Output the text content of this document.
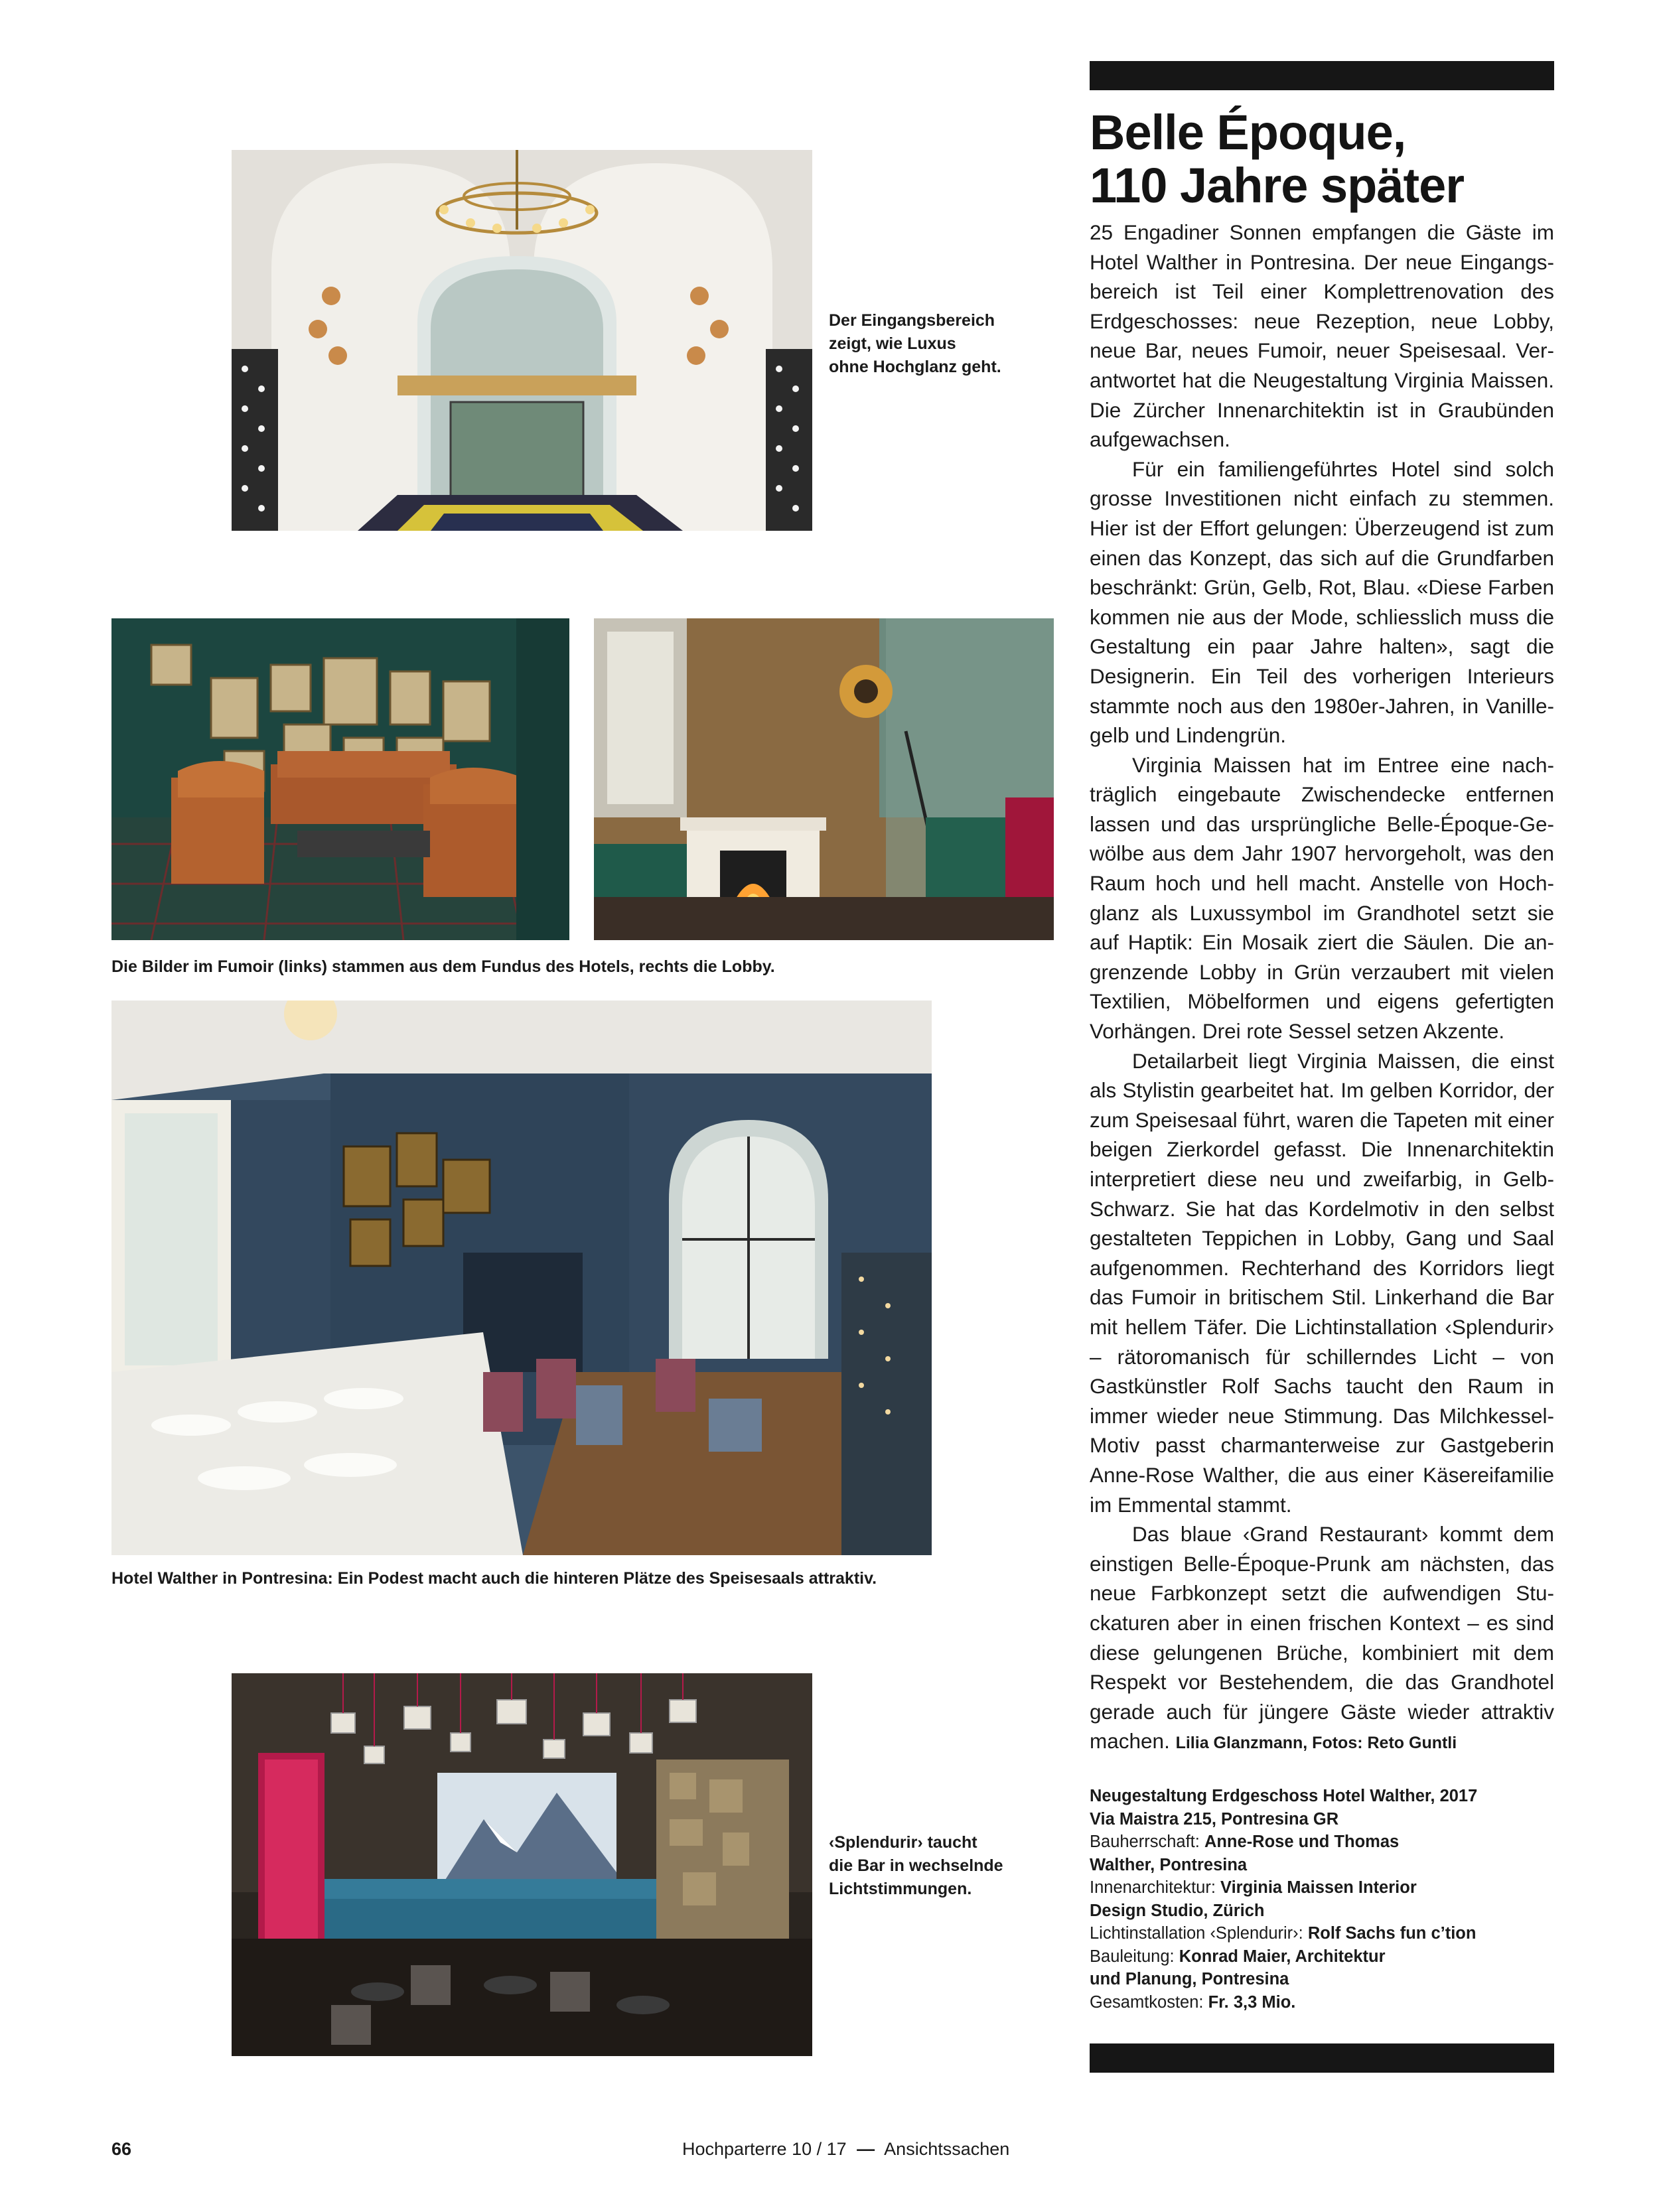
Der Eingangsbereich
zeigt, wie Luxus
ohne Hochglanz geht.
Die Bilder im Fumoir (links) stammen aus dem Fundus des Hotels, rechts die Lobby.
Hotel Walther in Pontresina: Ein Podest macht auch die hinteren Plätze des Speisesaals attraktiv.
‹Splendurir› taucht
die Bar in wechselnde
Lichtstimmungen.
Belle Époque,
110 Jahre später

25 Engadiner Sonnen empfangen die Gäste im Hotel Walther in Pontresina. Der neue Eingangsbereich ist Teil einer Komplettrenovation des Erdgeschosses: neue Rezeption, neue Lobby, neue Bar, neues Fumoir, neuer Speisesaal. Verantwortet hat die Neugestaltung Virginia Maissen. Die Zürcher Innenarchitektin ist in Graubünden aufgewachsen.

Für ein familiengeführtes Hotel sind solch grosse Investitionen nicht einfach zu stemmen. Hier ist der Effort gelungen: Überzeugend ist zum einen das Konzept, das sich auf die Grundfarben beschränkt: Grün, Gelb, Rot, Blau. «Diese Farben kommen nie aus der Mode, schliesslich muss die Gestaltung ein paar Jahre halten», sagt die Designerin. Ein Teil des vorherigen Interieurs stammte noch aus den 1980er-Jahren, in Vanillegelb und Lindengrün.

Virginia Maissen hat im Entree eine nachträglich eingebaute Zwischendecke entfernen lassen und das ursprüngliche Belle-Époque-Gewölbe aus dem Jahr 1907 hervorgeholt, was den Raum hoch und hell macht. Anstelle von Hochglanz als Luxussymbol im Grandhotel setzt sie auf Haptik: Ein Mosaik ziert die Säulen. Die angrenzende Lobby in Grün verzaubert mit vielen Textilien, Möbelformen und eigens gefertigten Vorhängen. Drei rote Sessel setzen Akzente.

Detailarbeit liegt Virginia Maissen, die einst als Stylistin gearbeitet hat. Im gelben Korridor, der zum Speisesaal führt, waren die Tapeten mit einer beigen Zierkordel gefasst. Die Innenarchitektin interpretiert diese neu und zweifarbig, in Gelb-Schwarz. Sie hat das Kordelmotiv in den selbst gestalteten Teppichen in Lobby, Gang und Saal aufgenommen. Rechterhand des Korridors liegt das Fumoir in britischem Stil. Linkerhand die Bar mit hellem Täfer. Die Lichtinstallation ‹Splendurir› – rätoromanisch für schillerndes Licht – von Gastkünstler Rolf Sachs taucht den Raum in immer wieder neue Stimmung. Das Milchkessel-Motiv passt charmanterweise zur Gastgeberin Anne-Rose Walther, die aus einer Käsereifamilie im Emmental stammt.

Das blaue ‹Grand Restaurant› kommt dem einstigen Belle-Époque-Prunk am nächsten, das neue Farbkonzept setzt die aufwendigen Stuckaturen aber in einen frischen Kontext – es sind diese gelungenen Brüche, kombiniert mit dem Respekt vor Bestehendem, die das Grandhotel gerade auch für jüngere Gäste wieder attraktiv machen. Lilia Glanzmann, Fotos: Reto Guntli

Neugestaltung Erdgeschoss Hotel Walther, 2017
Via Maistra 215, Pontresina GR
Bauherrschaft: Anne-Rose und Thomas
Walther, Pontresina
Innenarchitektur: Virginia Maissen Interior
Design Studio, Zürich
Lichtinstallation ‹Splendurir›: Rolf Sachs fun c’tion
Bauleitung: Konrad Maier, Architektur
und Planung, Pontresina
Gesamtkosten: Fr. 3,3 Mio.
66	Hochparterre 10 / 17 — Ansichtssachen
